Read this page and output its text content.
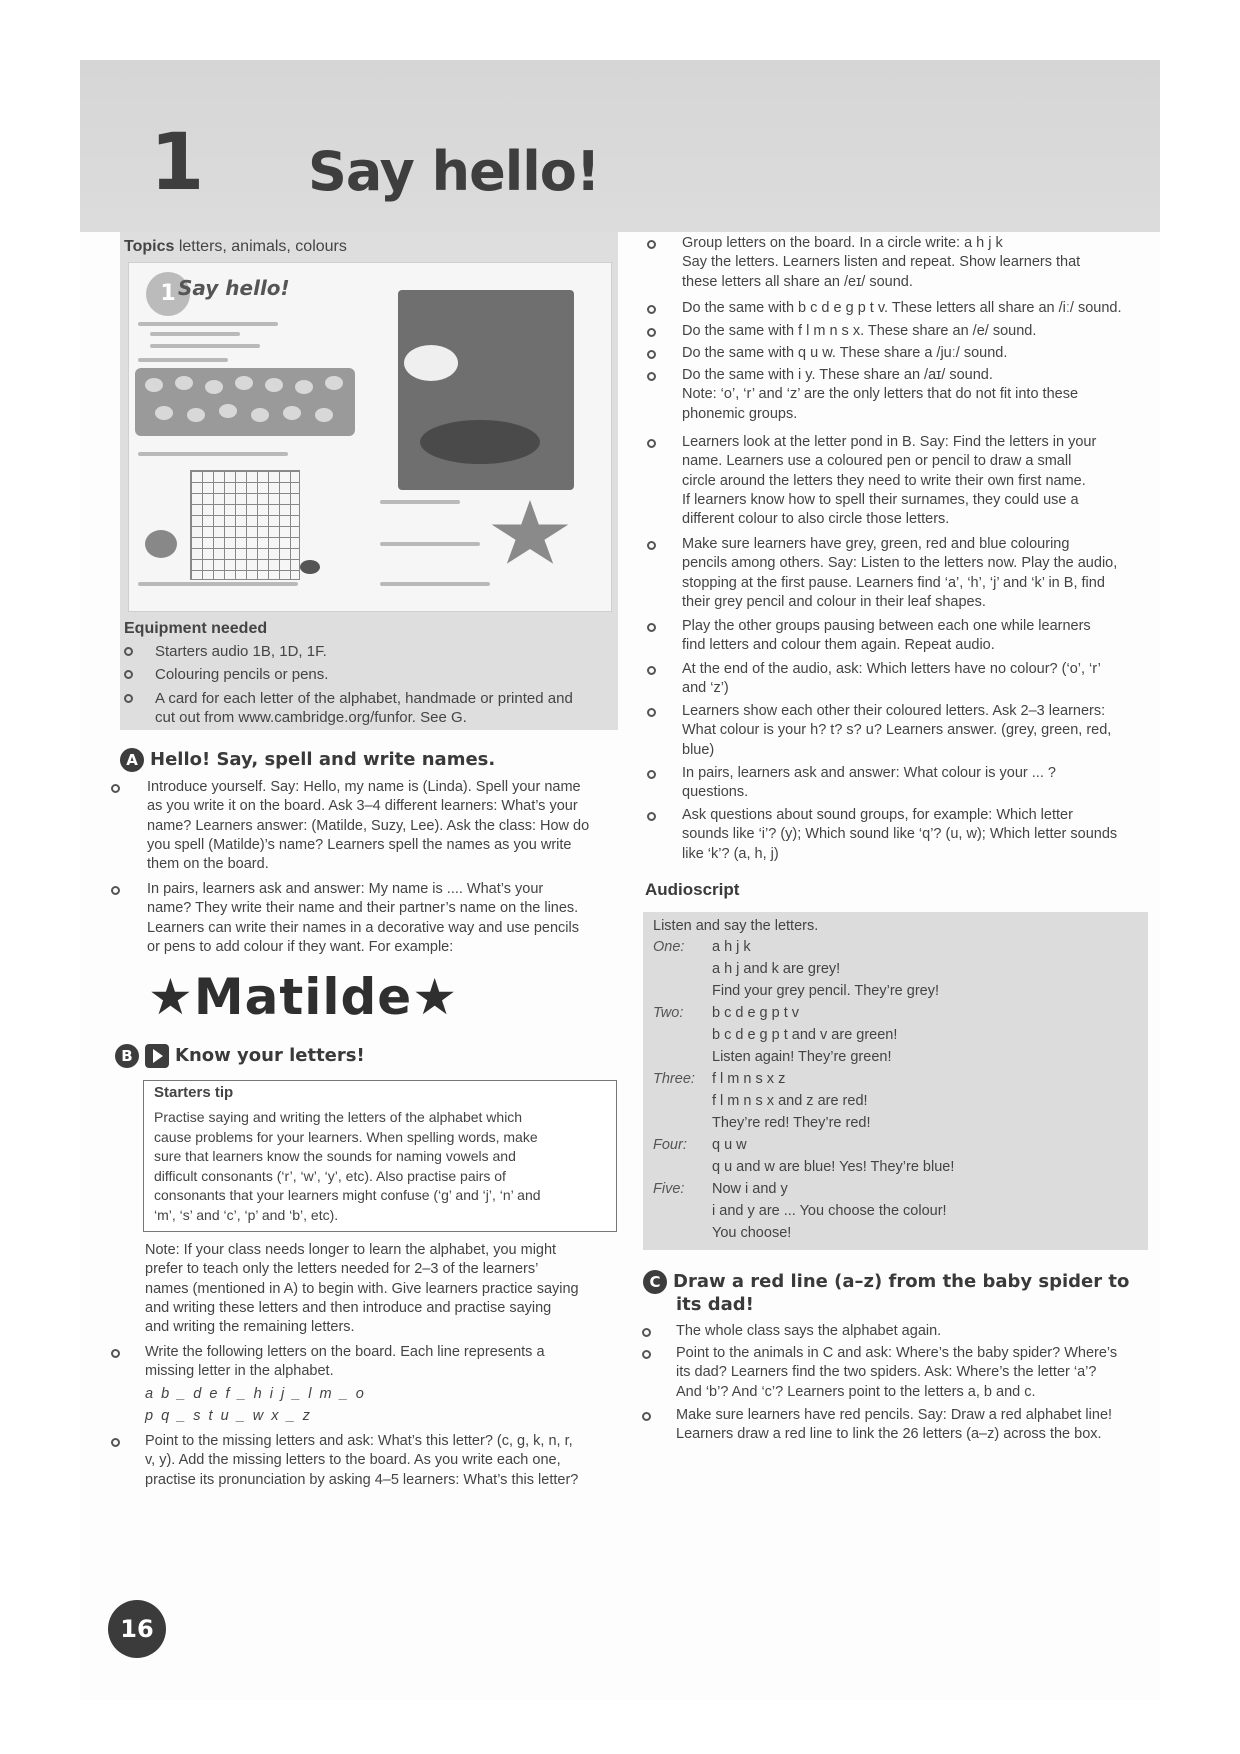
1 Say hello!
Topics letters, animals, colours
1 Say hello!
Equipment needed
Starters audio 1B, 1D, 1F.
Colouring pencils or pens.
A card for each letter of the alphabet, handmade or printed and
cut out from www.cambridge.org/funfor. See G.
A Hello! Say, spell and write names.
Introduce yourself. Say: Hello, my name is (Linda). Spell your name
as you write it on the board. Ask 3–4 different learners: What’s your
name? Learners answer: (Matilde, Suzy, Lee). Ask the class: How do
you spell (Matilde)’s name? Learners spell the names as you write
them on the board.
In pairs, learners ask and answer: My name is .... What’s your
name? They write their name and their partner’s name on the lines.
Learners can write their names in a decorative way and use pencils
or pens to add colour if they want. For example:
★Matilde★
B Know your letters!
Starters tip
Practise saying and writing the letters of the alphabet which
cause problems for your learners. When spelling words, make
sure that learners know the sounds for naming vowels and
difficult consonants (‘r’, ‘w’, ‘y’, etc). Also practise pairs of
consonants that your learners might confuse (‘g’ and ‘j’, ‘n’ and
‘m’, ‘s’ and ‘c’, ‘p’ and ‘b’, etc).
Note: If your class needs longer to learn the alphabet, you might
prefer to teach only the letters needed for 2–3 of the learners’
names (mentioned in A) to begin with. Give learners practice saying
and writing these letters and then introduce and practise saying
and writing the remaining letters.
Write the following letters on the board. Each line represents a
missing letter in the alphabet.
a b _ d e f _ h i j _ l m _ o
p q _ s t u _ w x _ z
Point to the missing letters and ask: What’s this letter? (c, g, k, n, r,
v, y). Add the missing letters to the board. As you write each one,
practise its pronunciation by asking 4–5 learners: What’s this letter?
Group letters on the board. In a circle write: a h j k
Say the letters. Learners listen and repeat. Show learners that
these letters all share an /eɪ/ sound.
Do the same with b c d e g p t v. These letters all share an /iː/ sound.
Do the same with f l m n s x. These share an /e/ sound.
Do the same with q u w. These share a /juː/ sound.
Do the same with i y. These share an /aɪ/ sound.
Note: ‘o’, ‘r’ and ‘z’ are the only letters that do not fit into these
phonemic groups.
Learners look at the letter pond in B. Say: Find the letters in your
name. Learners use a coloured pen or pencil to draw a small
circle around the letters they need to write their own first name.
If learners know how to spell their surnames, they could use a
different colour to also circle those letters.
Make sure learners have grey, green, red and blue colouring
pencils among others. Say: Listen to the letters now. Play the audio,
stopping at the first pause. Learners find ‘a’, ‘h’, ‘j’ and ‘k’ in B, find
their grey pencil and colour in their leaf shapes.
Play the other groups pausing between each one while learners
find letters and colour them again. Repeat audio.
At the end of the audio, ask: Which letters have no colour? (‘o’, ‘r’
and ‘z’)
Learners show each other their coloured letters. Ask 2–3 learners:
What colour is your h? t? s? u? Learners answer. (grey, green, red,
blue)
In pairs, learners ask and answer: What colour is your ... ?
questions.
Ask questions about sound groups, for example: Which letter
sounds like ‘i’? (y); Which sound like ‘q’? (u, w); Which letter sounds
like ‘k’? (a, h, j)
Audioscript
Listen and say the letters.
One: a h j k
a h j and k are grey!
Find your grey pencil. They’re grey!
Two: b c d e g p t v
b c d e g p t and v are green!
Listen again! They’re green!
Three: f l m n s x z
f l m n s x and z are red!
They’re red! They’re red!
Four: q u w
q u and w are blue! Yes! They’re blue!
Five: Now i and y
i and y are ... You choose the colour!
You choose!
C Draw a red line (a–z) from the baby spider to
its dad!
The whole class says the alphabet again.
Point to the animals in C and ask: Where’s the baby spider? Where’s
its dad? Learners find the two spiders. Ask: Where’s the letter ‘a’?
And ‘b’? And ‘c’? Learners point to the letters a, b and c.
Make sure learners have red pencils. Say: Draw a red alphabet line!
Learners draw a red line to link the 26 letters (a–z) across the box.
16
